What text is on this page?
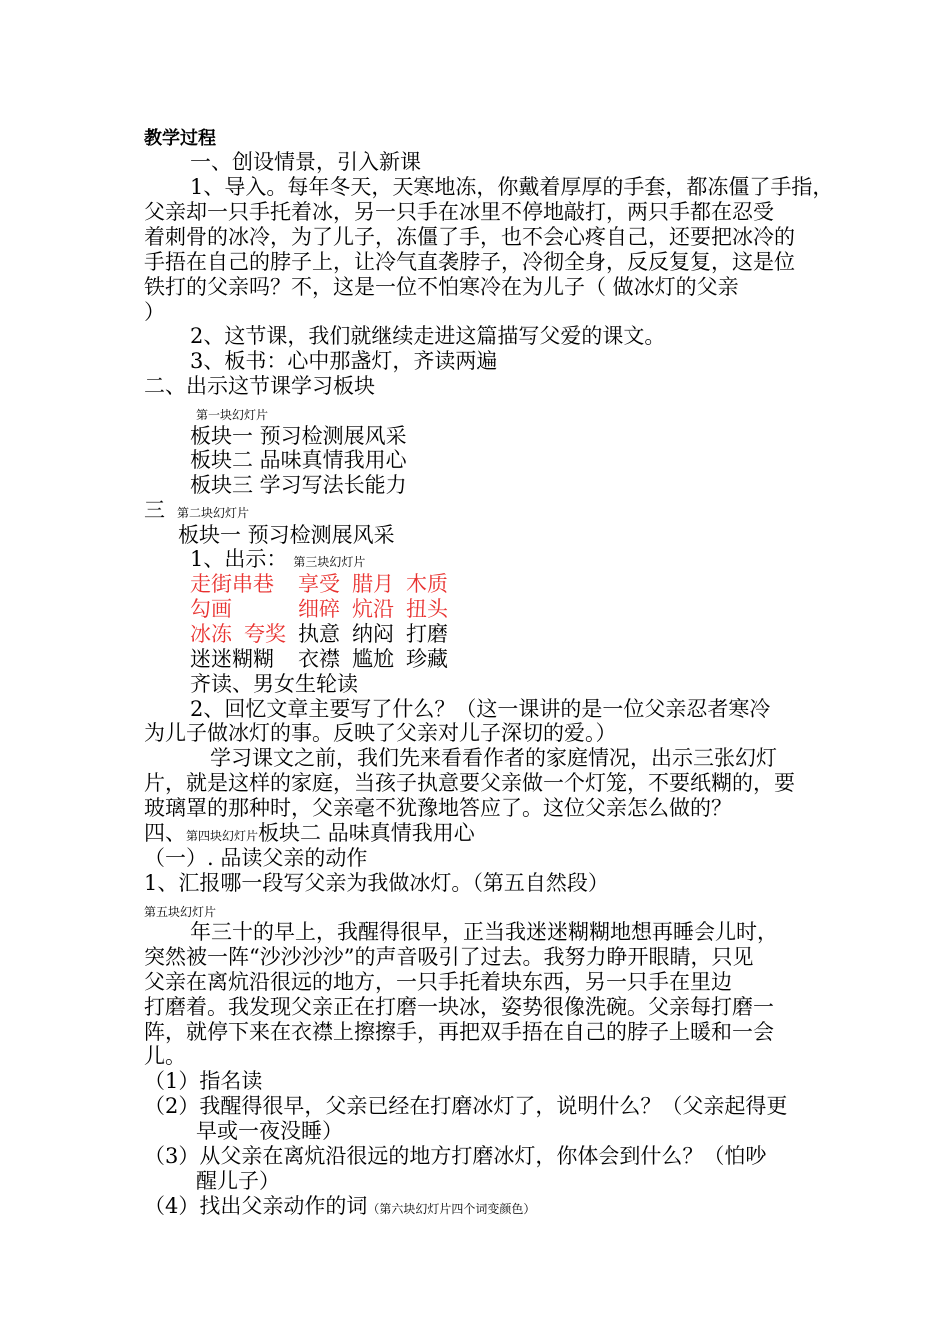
教学过程
一、创设情景，引入新课
1、导入。每年冬天，天寒地冻，你戴着厚厚的手套，都冻僵了手指，
父亲却一只手托着冰，另一只手在冰里不停地敲打，两只手都在忍受
着刺骨的冰冷，为了儿子，冻僵了手，也不会心疼自己，还要把冰冷的
手捂在自己的脖子上，让冷气直袭脖子，冷彻全身，反反复复，这是位
铁打的父亲吗？不，这是一位不怕寒冷在为儿子（ 做冰灯的父亲
）
2、这节课，我们就继续走进这篇描写父爱的课文。
3、板书：心中那盏灯，齐读两遍
二、出示这节课学习板块
第一块幻灯片
板块一 预习检测展风采
板块二 品味真情我用心
板块三 学习写法长能力
三 第二块幻灯片
板块一 预习检测展风采
1、出示： 第三块幻灯片
走街串巷 享受 腊月 木质
勾画	细碎 炕沿 扭头
冰冻 夸奖 执意 纳闷 打磨
迷迷糊糊 衣襟 尴尬 珍藏
齐读、男女生轮读
2、回忆文章主要写了什么？（这一课讲的是一位父亲忍者寒冷
为儿子做冰灯的事。反映了父亲对儿子深切的爱。）
学习课文之前，我们先来看看作者的家庭情况，出示三张幻灯
片，就是这样的家庭，当孩子执意要父亲做一个灯笼，不要纸糊的，要
玻璃罩的那种时，父亲毫不犹豫地答应了。这位父亲怎么做的？
四、第四块幻灯片板块二 品味真情我用心
（一）. 品读父亲的动作
1、汇报哪一段写父亲为我做冰灯。（第五自然段）
第五块幻灯片
年三十的早上，我醒得很早，正当我迷迷糊糊地想再睡会儿时，
突然被一阵“沙沙沙沙”的声音吸引了过去。我努力睁开眼睛，只见
父亲在离炕沿很远的地方，一只手托着块东西，另一只手在里边
打磨着。我发现父亲正在打磨一块冰，姿势很像洗碗。父亲每打磨一
阵，就停下来在衣襟上擦擦手，再把双手捂在自己的脖子上暖和一会
儿。
（1）指名读
（2）我醒得很早，父亲已经在打磨冰灯了，说明什么？（父亲起得更
早或一夜没睡）
（3）从父亲在离炕沿很远的地方打磨冰灯，你体会到什么？（怕吵
醒儿子）
（4）找出父亲动作的词（第六块幻灯片四个词变颜色）
